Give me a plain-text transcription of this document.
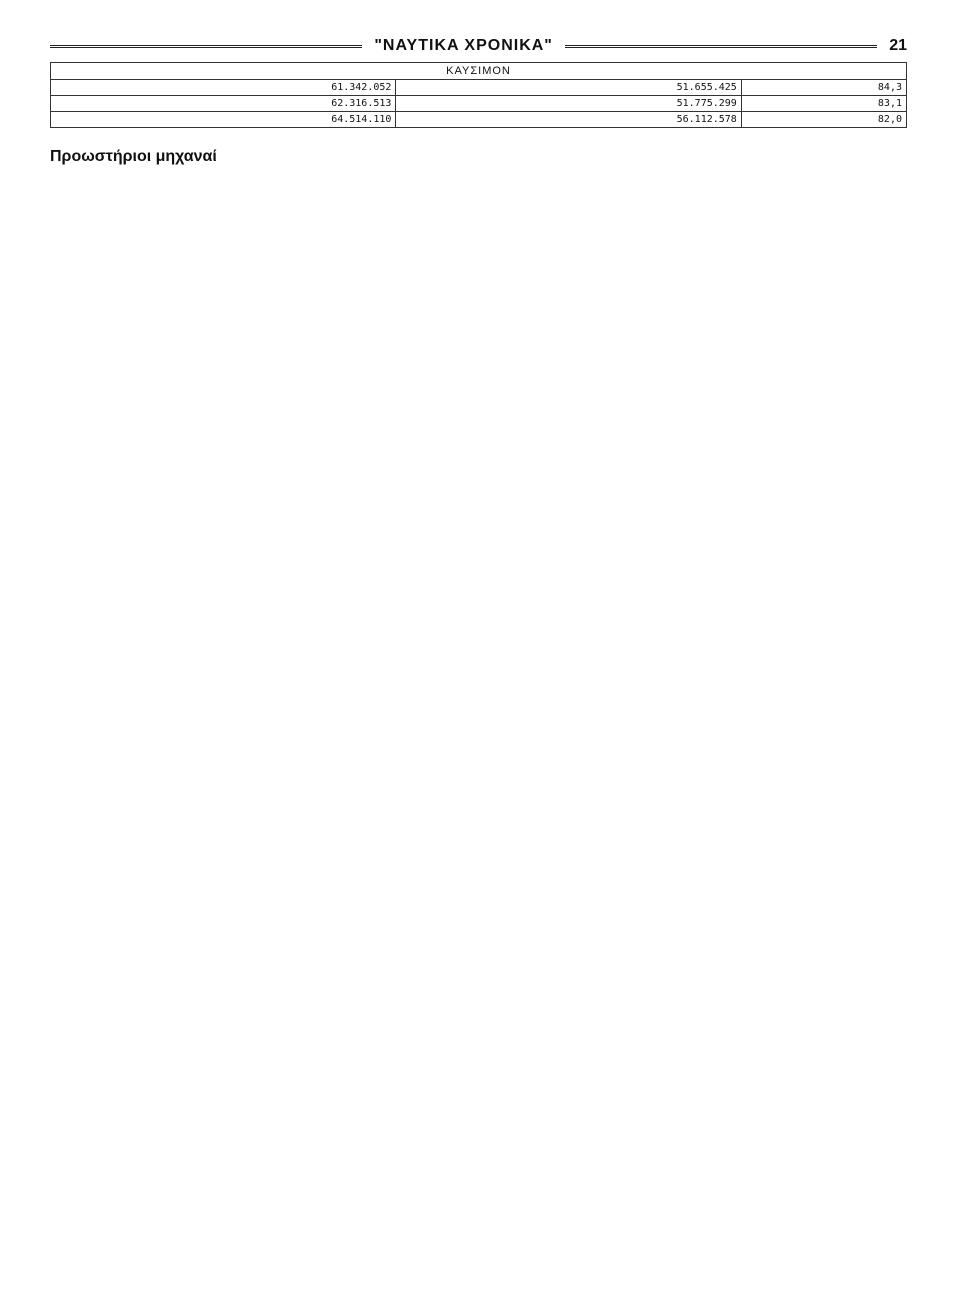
"NAYTIKA XPONIKA"	21
KAYΣIMON		
61.342.052	51.655.425	84,3
62.316.513	51.775.299	83,1
64.514.110	56.112.578	82,0
Προωστήριοι μηχαναί
